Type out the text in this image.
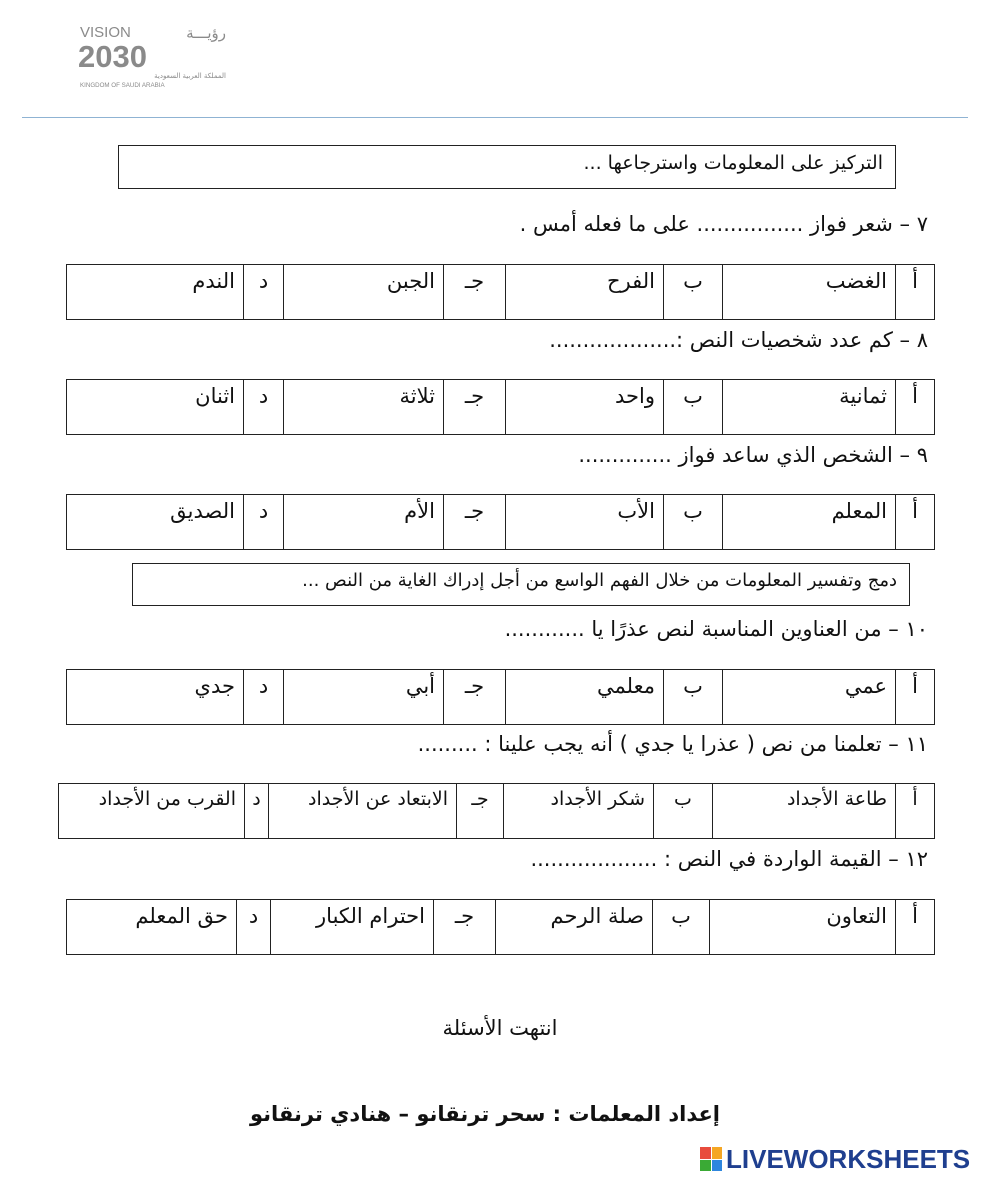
VISION	رؤيـــة
2030
المملكة العربية السعودية
KINGDOM OF SAUDI ARABIA
التركيز على المعلومات واسترجاعها ...
٧ – شعر فواز ................ على ما فعله أمس .
أ	الغضب	ب	الفرح	جـ	الجبن	د	الندم
٨ – كم عدد شخصيات النص :...................
أ	ثمانية	ب	واحد	جـ	ثلاثة	د	اثنان
٩ – الشخص الذي ساعد فواز ..............
أ	المعلم	ب	الأب	جـ	الأم	د	الصديق
دمج وتفسير المعلومات من خلال الفهم الواسع من أجل إدراك الغاية من النص ...
١٠ – من العناوين المناسبة لنص عذرًا يا ............
أ	عمي	ب	معلمي	جـ	أبي	د	جدي
١١ – تعلمنا من نص ( عذرا يا جدي ) أنه يجب علينا : .........
أ	طاعة الأجداد	ب	شكر الأجداد	جـ	الابتعاد عن الأجداد	د	القرب من الأجداد
١٢ – القيمة الواردة في النص : ...................
أ	التعاون	ب	صلة الرحم	جـ	احترام الكبار	د	حق المعلم
انتهت الأسئلة
إعداد المعلمات : سحر ترنقانو – هنادي ترنقانو
LIVEWORKSHEETS
